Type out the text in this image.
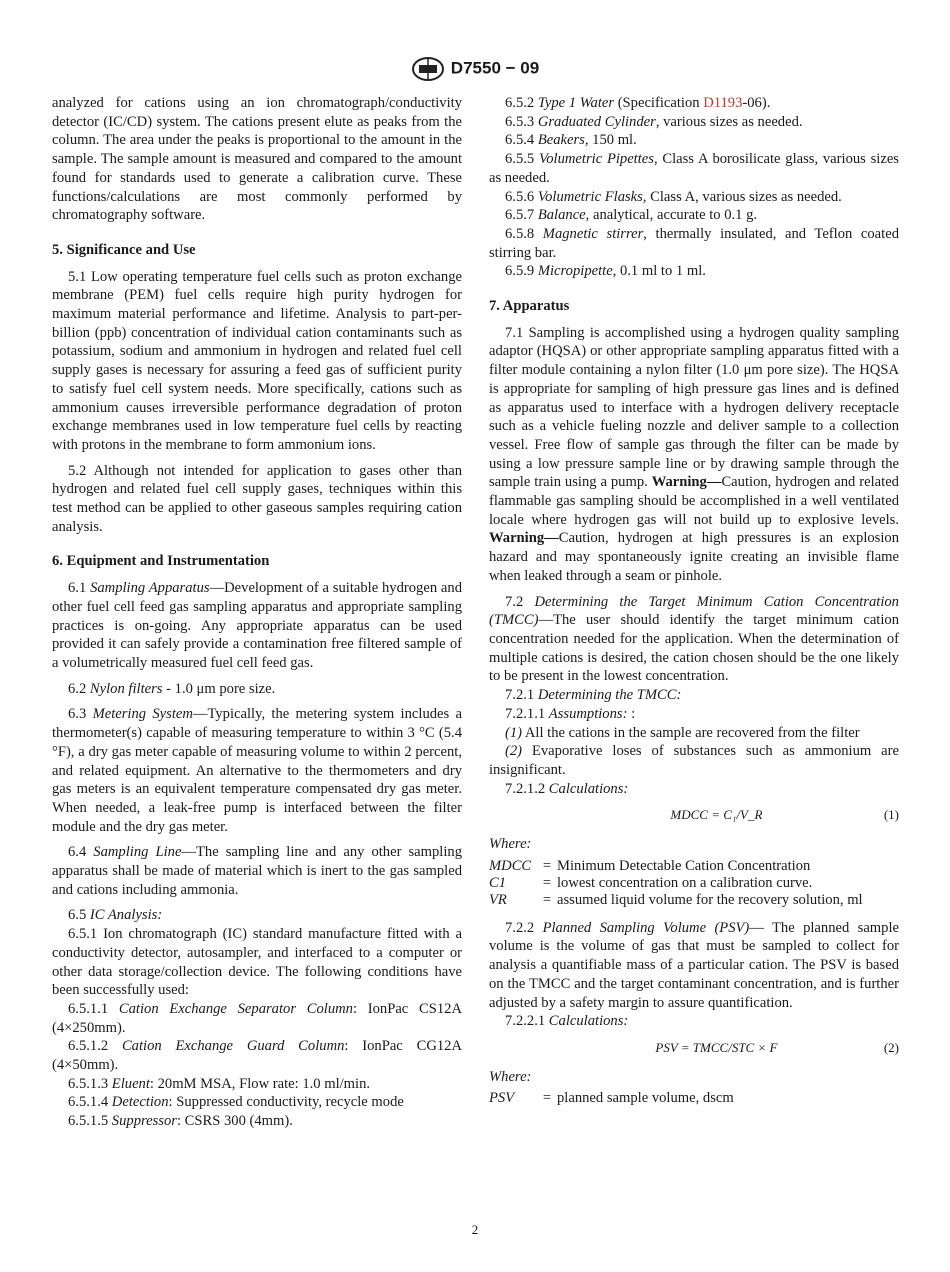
D7550 − 09

analyzed for cations using an ion chromatograph/conductivity detector (IC/CD) system. The cations present elute as peaks from the column. The area under the peaks is proportional to the amount in the sample. The sample amount is measured and compared to the amount found for standards used to generate a calibration curve. These functions/calculations are most commonly performed by chromatography software.

5. Significance and Use

5.1 Low operating temperature fuel cells such as proton exchange membrane (PEM) fuel cells require high purity hydrogen for maximum material performance and lifetime. Analysis to part-per-billion (ppb) concentration of individual cation contaminants such as potassium, sodium and ammonium in hydrogen and related fuel cell supply gases is necessary for assuring a feed gas of sufficient purity to satisfy fuel cell system needs. More specifically, cations such as ammonium causes irreversible performance degradation of proton exchange membranes used in low temperature fuel cells by reacting with protons in the membrane to form ammonium ions.

5.2 Although not intended for application to gases other than hydrogen and related fuel cell supply gases, techniques within this test method can be applied to other gaseous samples requiring cation analysis.

6. Equipment and Instrumentation

6.1 Sampling Apparatus—Development of a suitable hydrogen and other fuel cell feed gas sampling apparatus and appropriate sampling practices is on-going. Any appropriate apparatus can be used provided it can safely provide a contamination free filtered sample of a volumetrically measured fuel cell feed gas.

6.2 Nylon filters - 1.0 μm pore size.

6.3 Metering System—Typically, the metering system includes a thermometer(s) capable of measuring temperature to within 3 °C (5.4 °F), a dry gas meter capable of measuring volume to within 2 percent, and related equipment. An alternative to the thermometers and dry gas meters is an equivalent temperature compensated dry gas meter. When needed, a leak-free pump is interfaced between the filter module and the dry gas meter.

6.4 Sampling Line—The sampling line and any other sampling apparatus shall be made of material which is inert to the gas sampled and cations including ammonia.

6.5 IC Analysis:

6.5.1 Ion chromatograph (IC) standard manufacture fitted with a conductivity detector, autosampler, and interfaced to a computer or other data storage/collection device. The following conditions have been successfully used:

6.5.1.1 Cation Exchange Separator Column: IonPac CS12A (4×250mm).

6.5.1.2 Cation Exchange Guard Column: IonPac CG12A (4×50mm).

6.5.1.3 Eluent: 20mM MSA, Flow rate: 1.0 ml/min.

6.5.1.4 Detection: Suppressed conductivity, recycle mode

6.5.1.5 Suppressor: CSRS 300 (4mm).

6.5.2 Type 1 Water (Specification D1193-06).

6.5.3 Graduated Cylinder, various sizes as needed.

6.5.4 Beakers, 150 ml.

6.5.5 Volumetric Pipettes, Class A borosilicate glass, various sizes as needed.

6.5.6 Volumetric Flasks, Class A, various sizes as needed.

6.5.7 Balance, analytical, accurate to 0.1 g.

6.5.8 Magnetic stirrer, thermally insulated, and Teflon coated stirring bar.

6.5.9 Micropipette, 0.1 ml to 1 ml.

7. Apparatus

7.1 Sampling is accomplished using a hydrogen quality sampling adaptor (HQSA) or other appropriate sampling apparatus fitted with a filter module containing a nylon filter (1.0 μm pore size). The HQSA is appropriate for sampling of high pressure gas lines and is defined as apparatus used to interface with a hydrogen delivery receptacle such as a vehicle fueling nozzle and deliver sample to a collection vessel. Free flow of sample gas through the filter can be made by using a low pressure sample line or by drawing sample through the sample train using a pump. Warning—Caution, hydrogen and related flammable gas sampling should be accomplished in a well ventilated locale where hydrogen gas will not build up to explosive levels. Warning—Caution, hydrogen at high pressures is an explosion hazard and may spontaneously ignite creating an invisible flame when leaked through a seam or pinhole.

7.2 Determining the Target Minimum Cation Concentration (TMCC)—The user should identify the target minimum cation concentration needed for the application. When the determination of multiple cations is desired, the cation chosen should be the one likely to be present in the lowest concentration.

7.2.1 Determining the TMCC:

7.2.1.1 Assumptions: :

(1) All the cations in the sample are recovered from the filter

(2) Evaporative loses of substances such as ammonium are insignificant.

7.2.1.2 Calculations:

MDCC = C₁/V_R	(1)
Where:
MDCC	=	Minimum Detectable Cation Concentration
C1	=	lowest concentration on a calibration curve.
VR	=	assumed liquid volume for the recovery solution, ml

7.2.2 Planned Sampling Volume (PSV)— The planned sample volume is the volume of gas that must be sampled to collect for analysis a quantifiable mass of a particular cation. The PSV is based on the TMCC and the target contaminant concentration, and is further adjusted by a safety margin to assure quantification.

7.2.2.1 Calculations:

PSV = TMCC/STC × F	(2)
Where:
PSV	=	planned sample volume, dscm
2
